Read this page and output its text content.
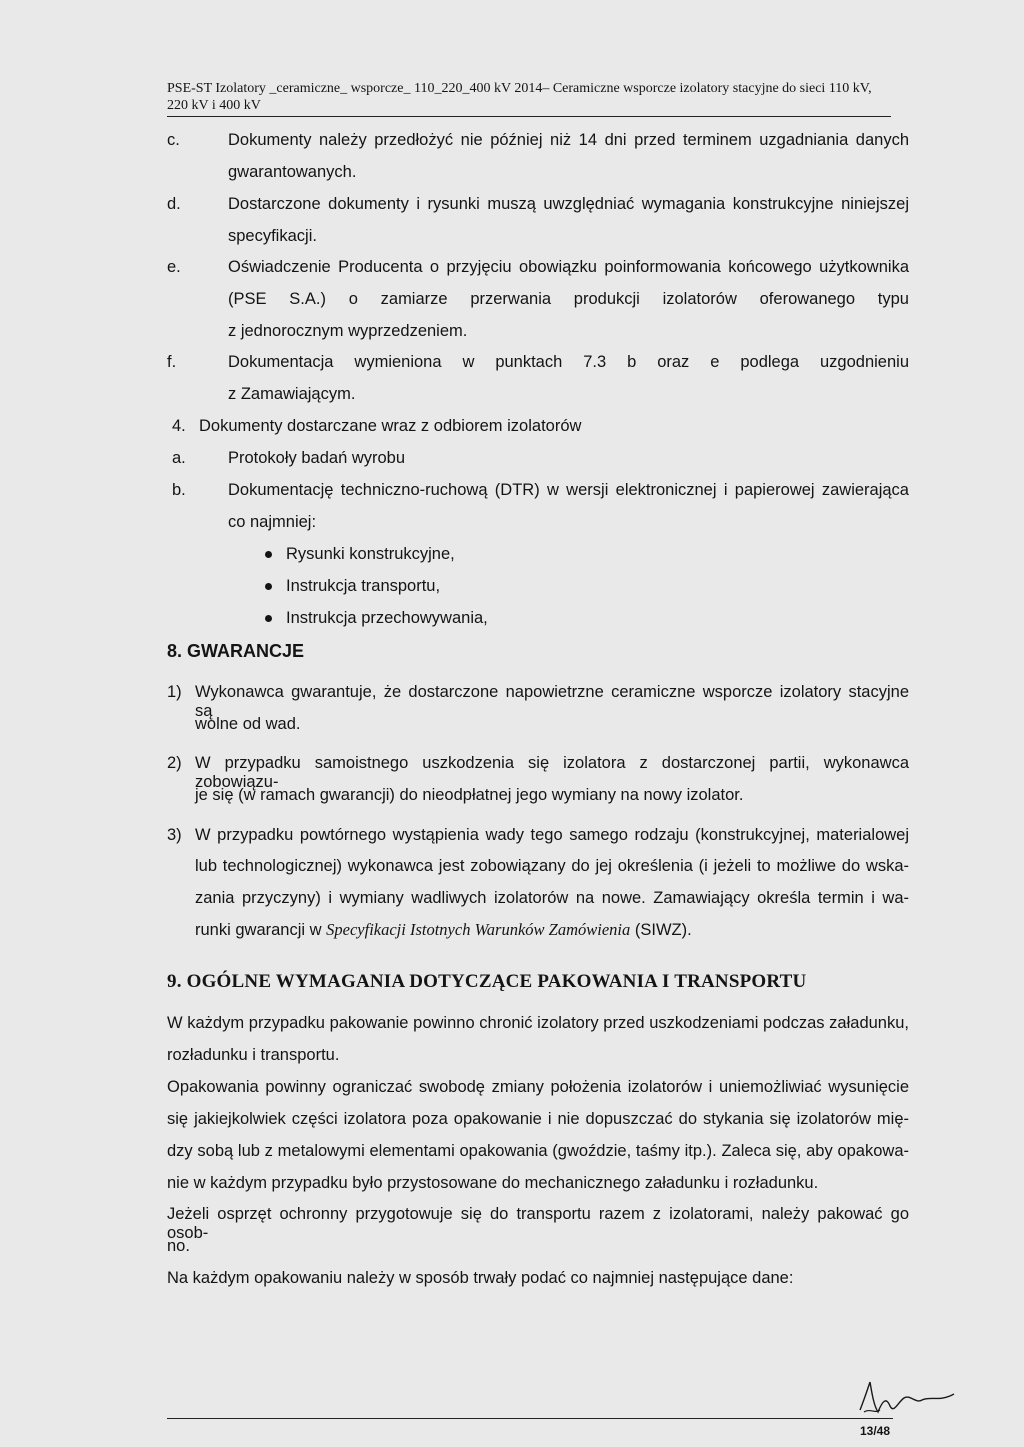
PSE-ST Izolatory _ceramiczne_ wsporcze_ 110_220_400 kV 2014– Ceramiczne wsporcze izolatory stacyjne do sieci 110 kV, 220 kV i 400 kV
c.	Dokumenty należy przedłożyć nie później niż 14 dni przed terminem uzgadniania danych
gwarantowanych.
d.	Dostarczone dokumenty i rysunki muszą uwzględniać wymagania konstrukcyjne niniejszej
specyfikacji.
e.	Oświadczenie Producenta o przyjęciu obowiązku poinformowania końcowego użytkownika
(PSE S.A.) o zamiarze przerwania produkcji izolatorów oferowanego typu
z jednorocznym wyprzedzeniem.
f.	Dokumentacja wymieniona w punktach 7.3 b oraz e podlega uzgodnieniu
z Zamawiającym.
4. Dokumenty dostarczane wraz z odbiorem izolatorów
a.	Protokoły badań wyrobu
b.	Dokumentację techniczno-ruchową (DTR) w wersji elektronicznej i papierowej zawierająca
co najmniej:
Rysunki konstrukcyjne,
Instrukcja transportu,
Instrukcja przechowywania,
8. GWARANCJE
1) Wykonawca gwarantuje, że dostarczone napowietrzne ceramiczne wsporcze izolatory stacyjne są
wolne od wad.
2) W przypadku samoistnego uszkodzenia się izolatora z dostarczonej partii, wykonawca zobowiązu-
je się (w ramach gwarancji) do nieodpłatnej jego wymiany na nowy izolator.
3) W przypadku powtórnego wystąpienia wady tego samego rodzaju (konstrukcyjnej, materialowej
lub technologicznej) wykonawca jest zobowiązany do jej określenia (i jeżeli to możliwe do wska-
zania przyczyny) i wymiany wadliwych izolatorów na nowe. Zamawiający określa termin i wa-
runki gwarancji w Specyfikacji Istotnych Warunków Zamówienia (SIWZ).
9. OGÓLNE WYMAGANIA DOTYCZĄCE PAKOWANIA I TRANSPORTU
W każdym przypadku pakowanie powinno chronić izolatory przed uszkodzeniami podczas załadunku,
rozładunku i transportu.
Opakowania powinny ograniczać swobodę zmiany położenia izolatorów i uniemożliwiać wysunięcie
się jakiejkolwiek części izolatora poza opakowanie i nie dopuszczać do stykania się izolatorów mię-
dzy sobą lub z metalowymi elementami opakowania (gwoździe, taśmy itp.). Zaleca się, aby opakowa-
nie w każdym przypadku było przystosowane do mechanicznego załadunku i rozładunku.
Jeżeli osprzęt ochronny przygotowuje się do transportu razem z izolatorami, należy pakować go osob-
no.
Na każdym opakowaniu należy w sposób trwały podać co najmniej następujące dane:
13/48
